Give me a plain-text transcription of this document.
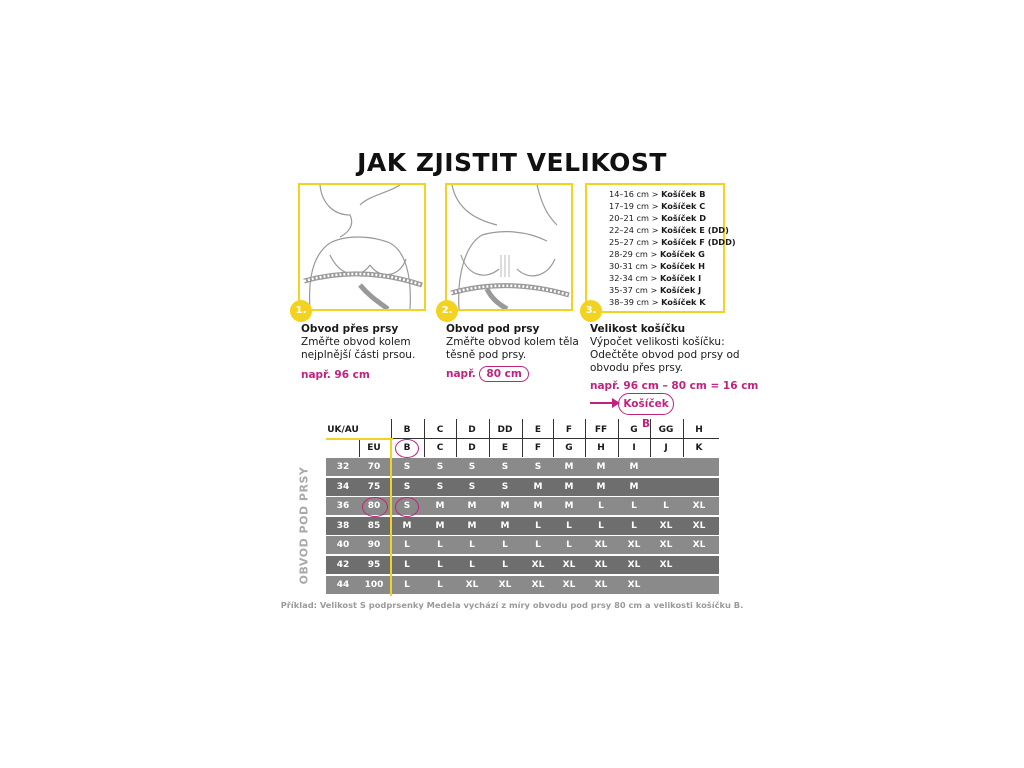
JAK ZJISTIT VELIKOST
1.
Obvod přes prsy
Změřte obvod kolem
nejplnější části prsou.
např. 96 cm
2.
Obvod pod prsy
Změřte obvod kolem těla
těsně pod prsy.
např. 80 cm
14–16 cm > Košíček B
17–19 cm > Košíček C
20–21 cm > Košíček D
22–24 cm > Košíček E (DD)
25–27 cm > Košíček F (DDD)
28-29 cm > Košíček G
30-31 cm > Košíček H
32-34 cm > Košíček I
35-37 cm > Košíček J
38–39 cm > Košíček K
3.
Velikost košíčku
Výpočet velikosti košíčku:
Odečtěte obvod pod prsy od
obvodu přes prsy.
např. 96 cm – 80 cm = 16 cm
Košíček B
OBVOD POD PRSY
UK/AU
EU
B	C	D	DD	E	F	FF	G	GG	H
B	C	D	E	F	G	H	I	J	K
32	70	S	S	S	S	S	M	M	M
34	75	S	S	S	S	M	M	M	M
36	80	S	M	M	M	M	M	L	L	L	XL
38	85	M	M	M	M	L	L	L	L	XL	XL
40	90	L	L	L	L	L	L	XL	XL	XL	XL
42	95	L	L	L	L	XL	XL	XL	XL	XL
44	100	L	L	XL	XL	XL	XL	XL	XL
Příklad: Velikost S podprsenky Medela vychází z míry obvodu pod prsy 80 cm a velikosti košíčku B.
